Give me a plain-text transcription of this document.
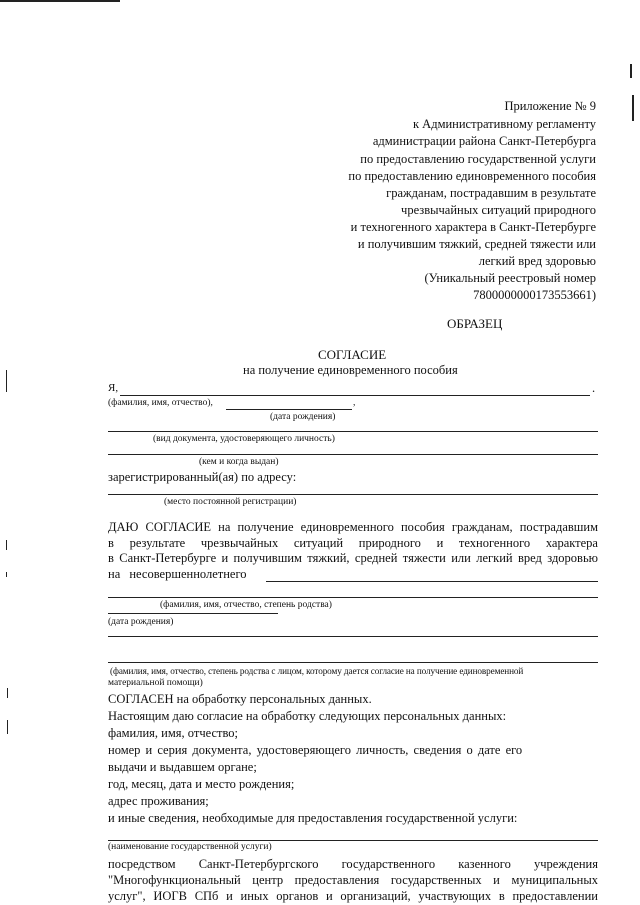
Приложение № 9
к Административному регламенту
администрации района Санкт-Петербурга
по предоставлению государственной услуги
по предоставлению единовременного пособия
гражданам, пострадавшим в результате
чрезвычайных ситуаций природного
и техногенного характера в Санкт-Петербурге
и получившим тяжкий, средней тяжести или
легкий вред здоровью
(Уникальный реестровый номер
7800000000173553661)
ОБРАЗЕЦ
СОГЛАСИЕ
на получение единовременного пособия
Я,	.
(фамилия, имя, отчество),	,
(дата рождения)
(вид документа, удостоверяющего личность)
(кем и когда выдан)
зарегистрированный(ая) по адресу:
(место постоянной регистрации)
ДАЮ СОГЛАСИЕ на получение единовременного пособия гражданам, пострадавшим
в результате чрезвычайных ситуаций природного и техногенного характера
в Санкт-Петербурге и получившим тяжкий, средней тяжести или легкий вред здоровью
на несовершеннолетнего
(фамилия, имя, отчество, степень родства)
(дата рождения)
(фамилия, имя, отчество, степень родства с лицом, которому дается согласие на получение единовременной
материальной помощи)
СОГЛАСЕН на обработку персональных данных.
Настоящим даю согласие на обработку следующих персональных данных:
фамилия, имя, отчество;
номер и серия документа, удостоверяющего личность, сведения о дате его
выдачи и выдавшем органе;
год, месяц, дата и место рождения;
адрес проживания;
и иные сведения, необходимые для предоставления государственной услуги:
(наименование государственной услуги)
посредством Санкт-Петербургского государственного казенного учреждения
"Многофункциональный центр предоставления государственных и муниципальных
услуг", ИОГВ СПб и иных органов и организаций, участвующих в предоставлении
